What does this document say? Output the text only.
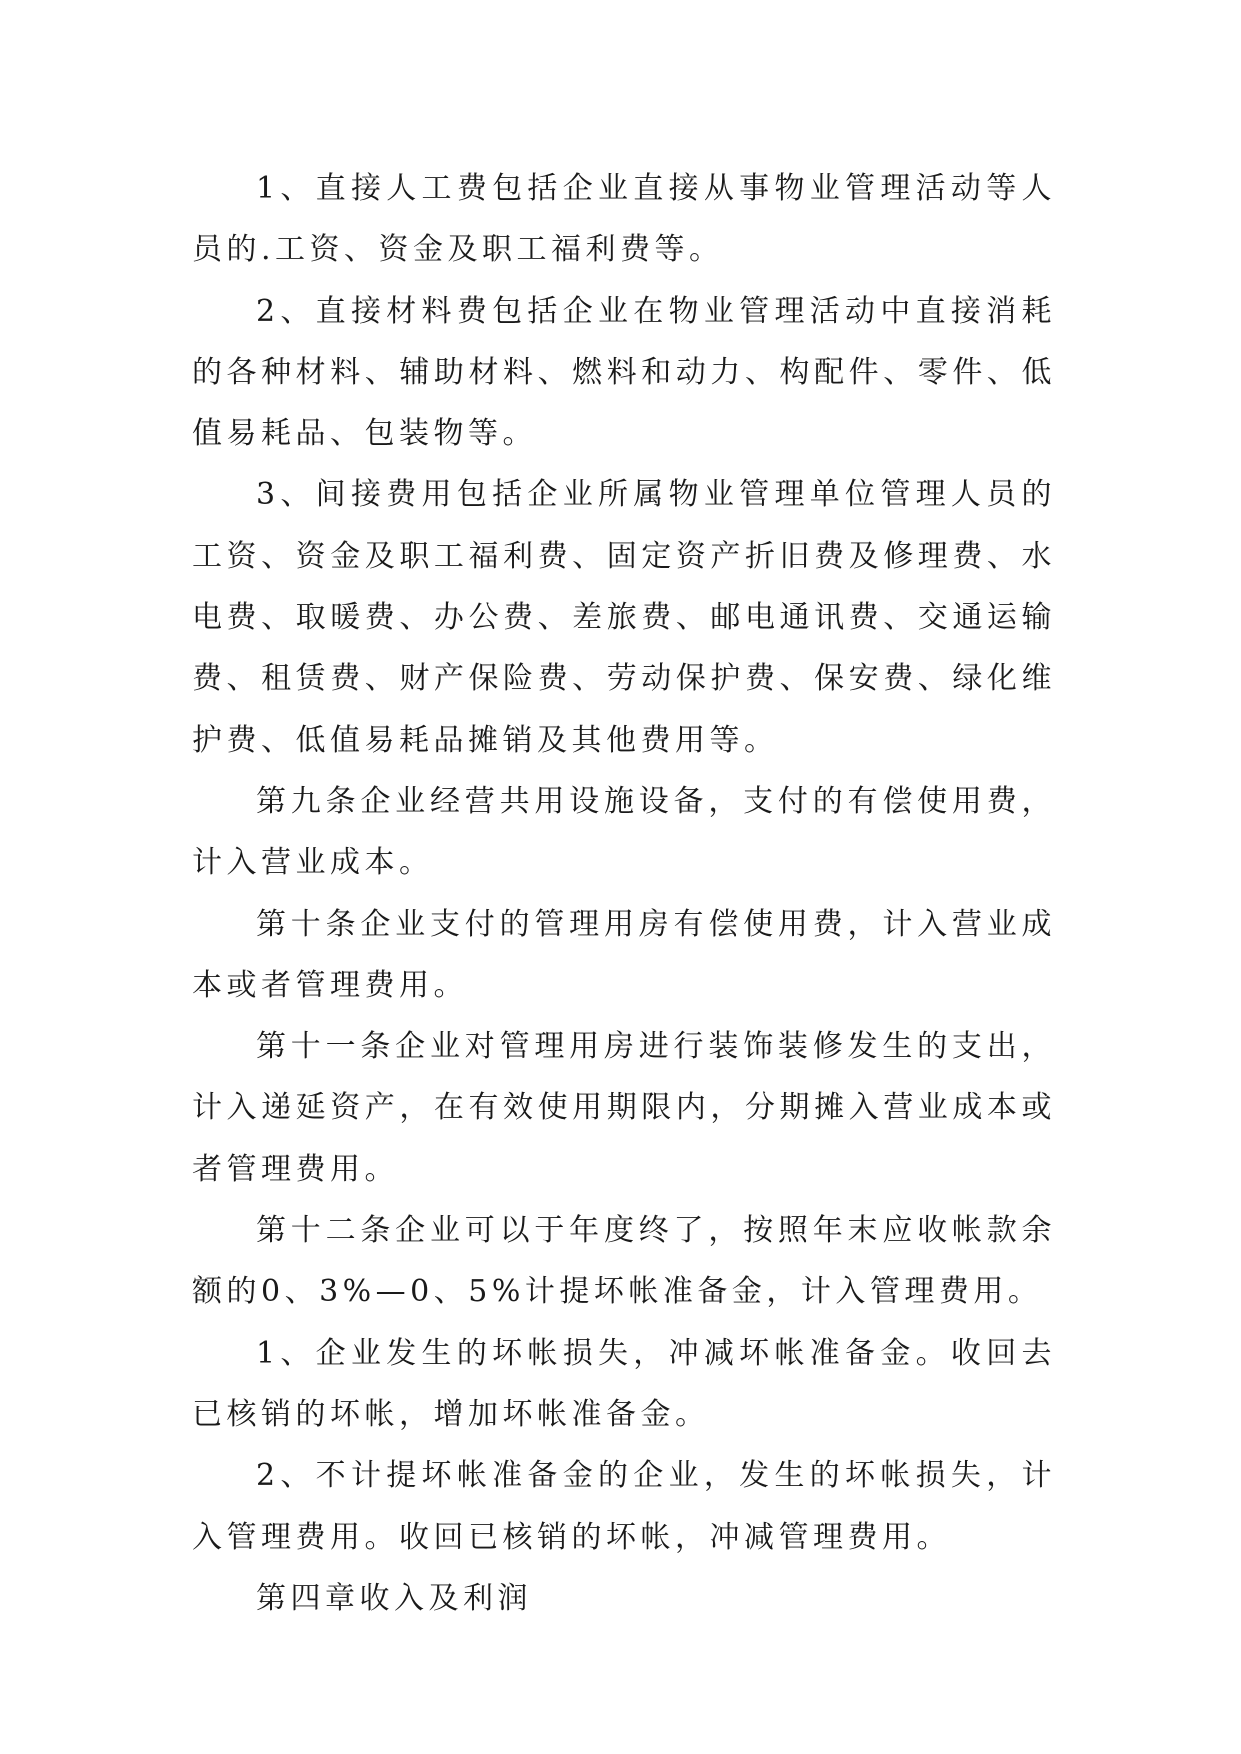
1、直接人工费包括企业直接从事物业管理活动等人员的.工资、资金及职工福利费等。

2、直接材料费包括企业在物业管理活动中直接消耗的各种材料、辅助材料、燃料和动力、构配件、零件、低值易耗品、包装物等。

3、间接费用包括企业所属物业管理单位管理人员的工资、资金及职工福利费、固定资产折旧费及修理费、水电费、取暖费、办公费、差旅费、邮电通讯费、交通运输费、租赁费、财产保险费、劳动保护费、保安费、绿化维护费、低值易耗品摊销及其他费用等。

第九条企业经营共用设施设备，支付的有偿使用费，计入营业成本。

第十条企业支付的管理用房有偿使用费，计入营业成本或者管理费用。

第十一条企业对管理用房进行装饰装修发生的支出，计入递延资产，在有效使用期限内，分期摊入营业成本或者管理费用。

第十二条企业可以于年度终了，按照年末应收帐款余额的0、3%—0、5%计提坏帐准备金，计入管理费用。

1、企业发生的坏帐损失，冲减坏帐准备金。收回去已核销的坏帐，增加坏帐准备金。

2、不计提坏帐准备金的企业，发生的坏帐损失，计入管理费用。收回已核销的坏帐，冲减管理费用。

第四章收入及利润
